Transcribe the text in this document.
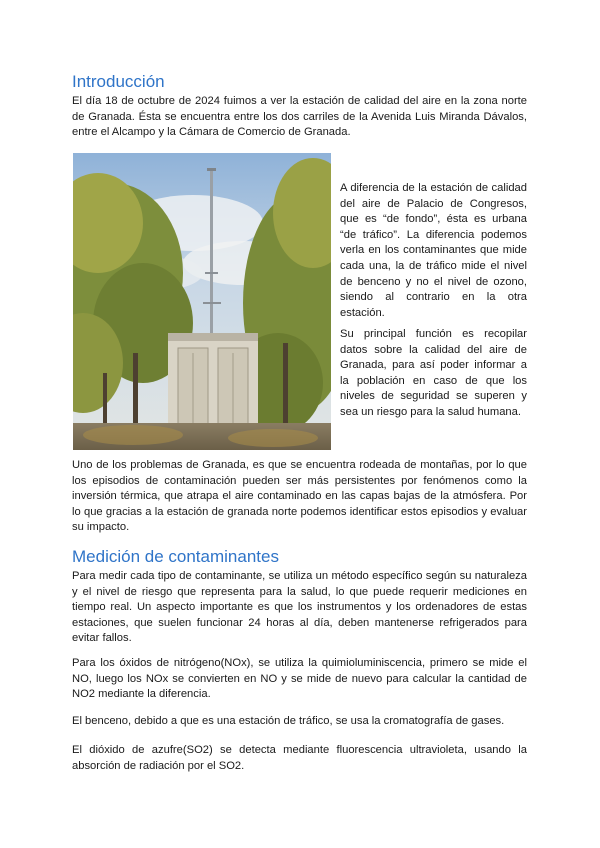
Introducción

El día 18 de octubre de 2024 fuimos a ver la estación de calidad del aire en la zona norte de Granada. Ésta se encuentra entre los dos carriles de la Avenida Luis Miranda Dávalos, entre el Alcampo y la Cámara de Comercio de Granada.

A diferencia de la estación de calidad del aire de Palacio de Congresos, que es “de fondo”, ésta es urbana “de tráfico”. La diferencia podemos verla en los contaminantes que mide cada una, la de tráfico mide el nivel de benceno y no el nivel de ozono, siendo al contrario en la otra estación.

Su principal función es recopilar datos sobre la calidad del aire de Granada, para así poder informar a la población en caso de que los niveles de seguridad se superen y sea un riesgo para la salud humana.

Uno de los problemas de Granada, es que se encuentra rodeada de montañas, por lo que los episodios de contaminación pueden ser más persistentes por fenómenos como la inversión térmica, que atrapa el aire contaminado en las capas bajas de la atmósfera. Por lo que gracias a la estación de granada norte podemos identificar estos episodios y evaluar su impacto.

Medición de contaminantes

Para medir cada tipo de contaminante, se utiliza un método específico según su naturaleza y el nivel de riesgo que representa para la salud, lo que puede requerir mediciones en tiempo real. Un aspecto importante es que los instrumentos y los ordenadores de estas estaciones, que suelen funcionar 24 horas al día, deben mantenerse refrigerados para evitar fallos.

Para los óxidos de nitrógeno(NOx), se utiliza la quimioluminiscencia, primero se mide el NO, luego los NOx se convierten en NO y se mide de nuevo para calcular la cantidad de NO2 mediante la diferencia.

El benceno, debido a que es una estación de tráfico, se usa la cromatografía de gases.

El dióxido de azufre(SO2) se detecta mediante fluorescencia ultravioleta, usando la absorción de radiación por el SO2.
